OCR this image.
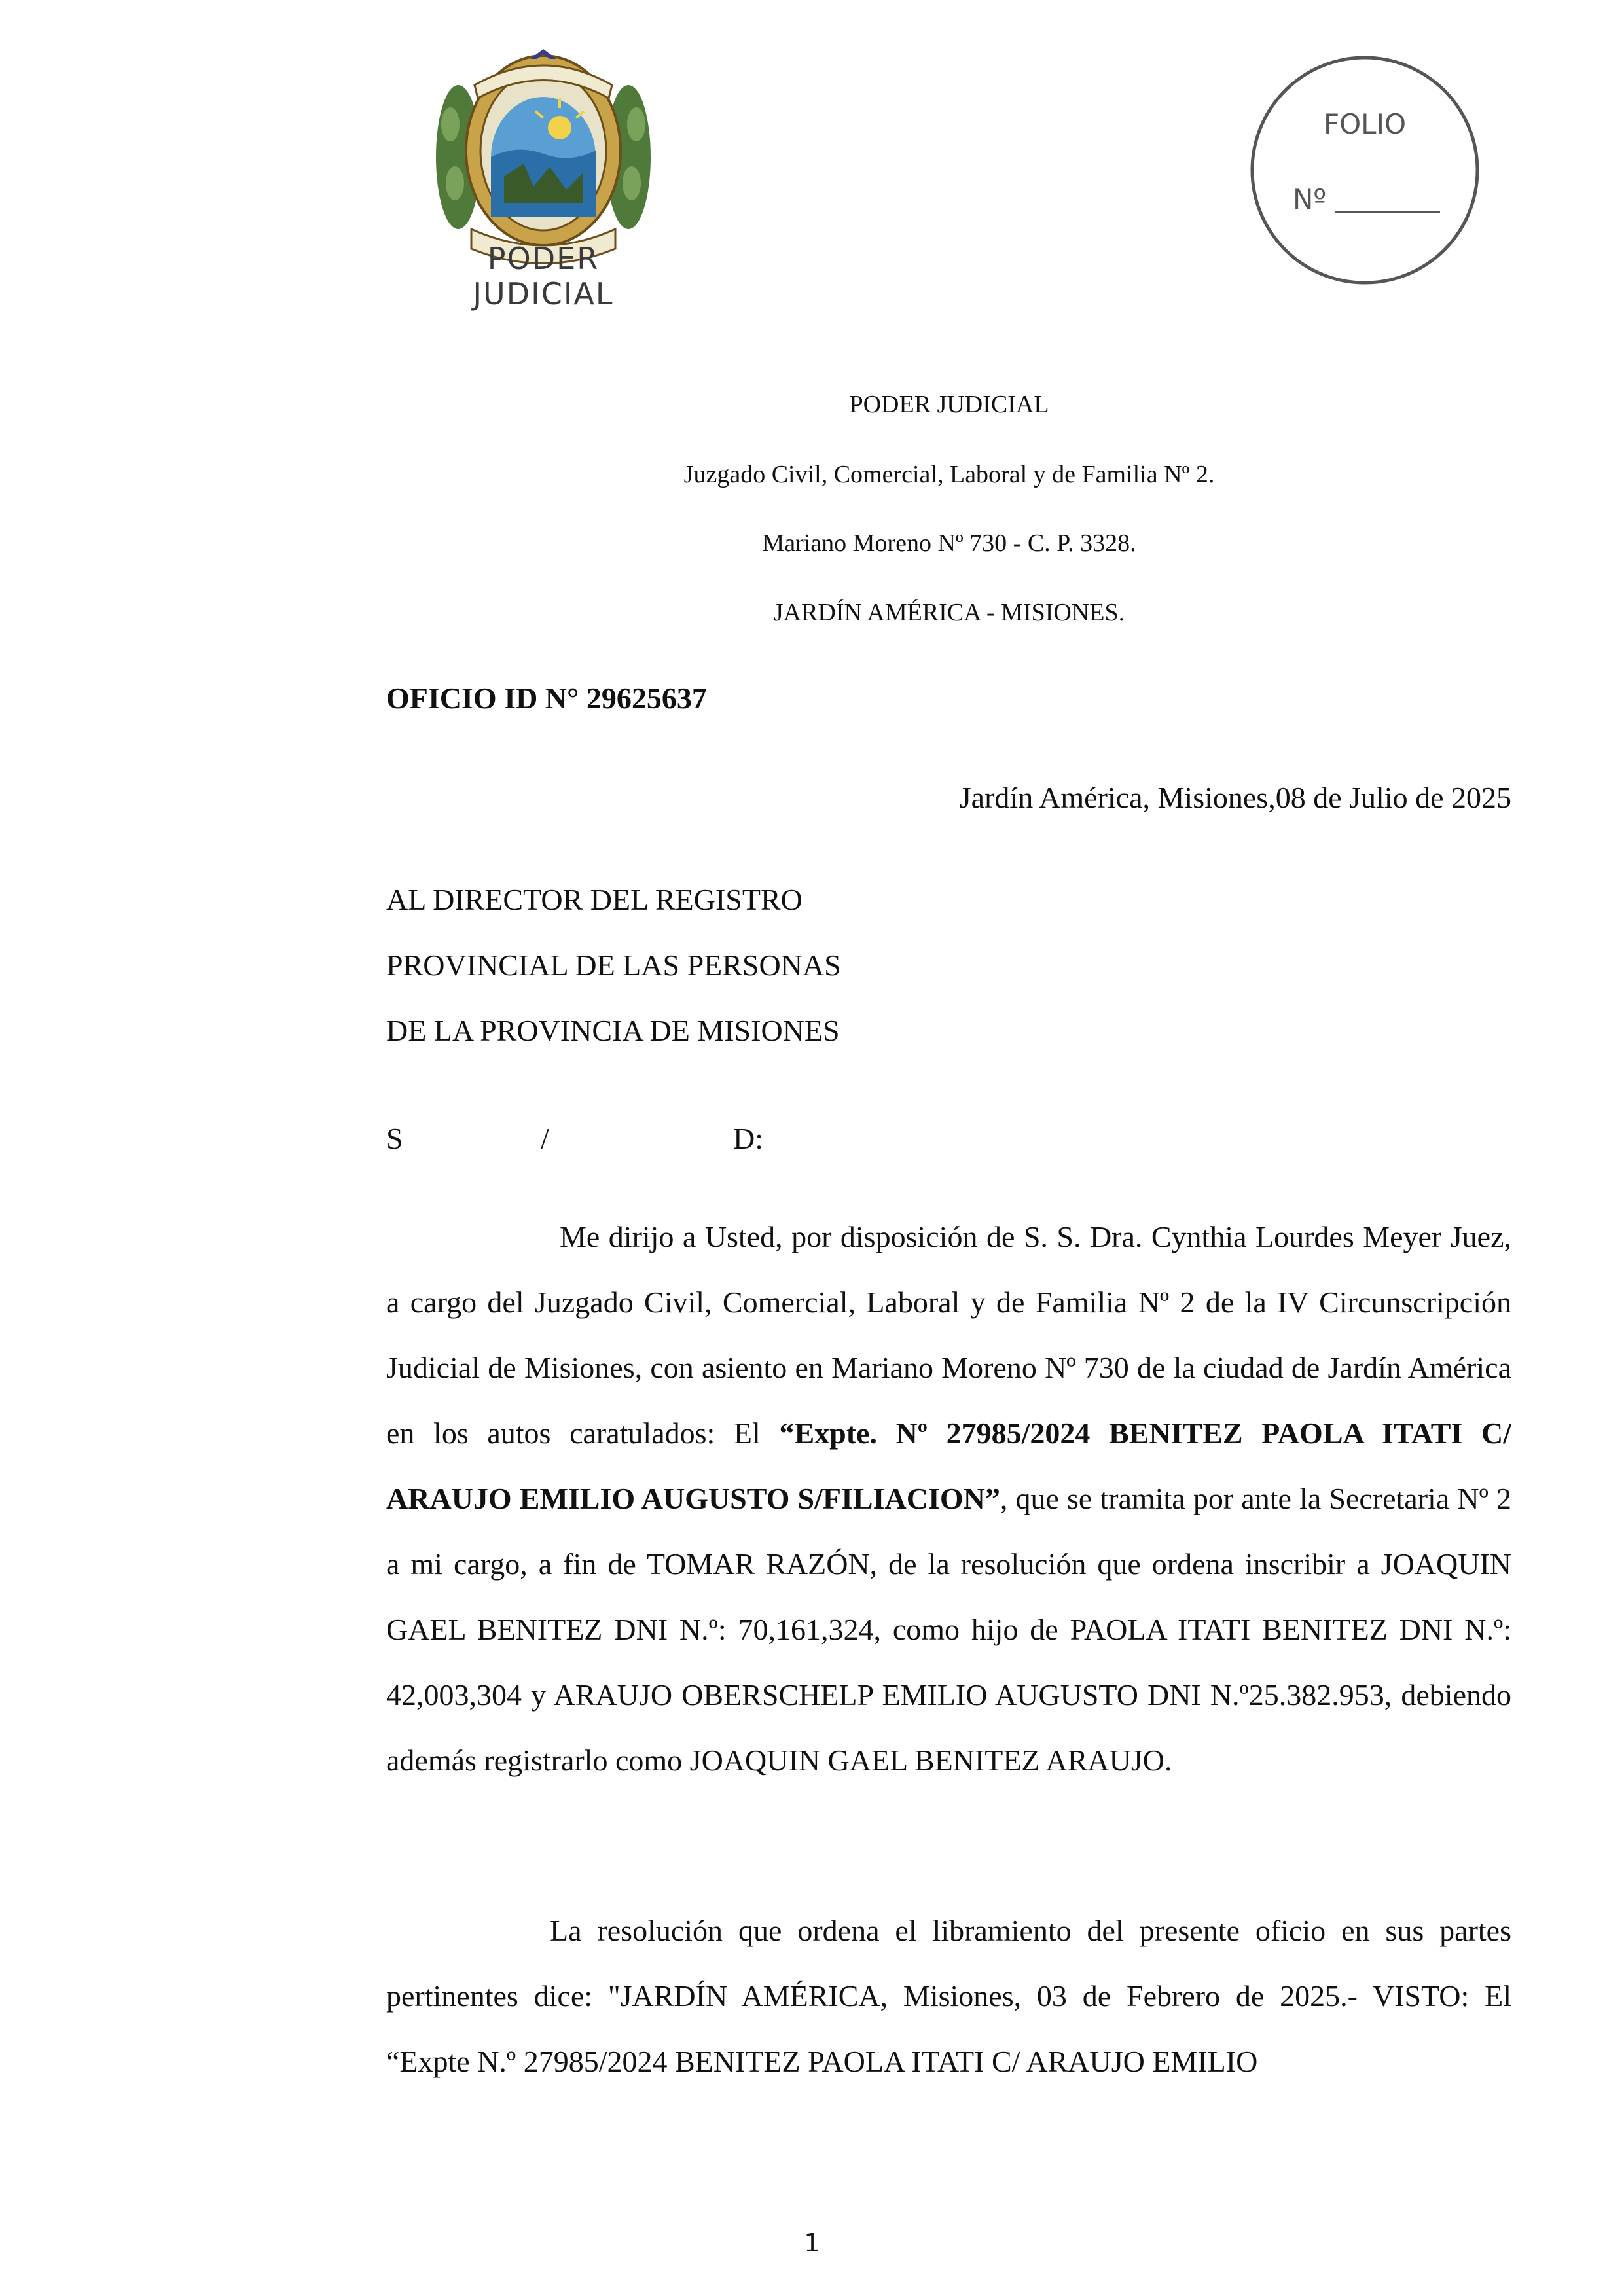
PODER JUDICIAL
FOLIO
Nº
PODER JUDICIAL
Juzgado Civil, Comercial, Laboral y de Familia Nº 2.
Mariano Moreno Nº 730 - C. P. 3328.
JARDÍN AMÉRICA - MISIONES.
OFICIO ID N° 29625637
Jardín América, Misiones,08 de Julio de 2025
AL DIRECTOR DEL REGISTRO
PROVINCIAL DE LAS PERSONAS
DE LA PROVINCIA DE MISIONES
S	/	D:

Me dirijo a Usted, por disposición de S. S. Dra. Cynthia Lourdes Meyer Juez, a cargo del Juzgado Civil, Comercial, Laboral y de Familia Nº 2 de la IV Circunscripción Judicial de Misiones, con asiento en Mariano Moreno Nº 730 de la ciudad de Jardín América en los autos caratulados: El “Expte. Nº 27985/2024 BENITEZ PAOLA ITATI C/ ARAUJO EMILIO AUGUSTO S/FILIACION”, que se tramita por ante la Secretaria Nº 2 a mi cargo, a fin de TOMAR RAZÓN, de la resolución que ordena inscribir a JOAQUIN GAEL BENITEZ DNI N.º: 70,161,324, como hijo de PAOLA ITATI BENITEZ DNI N.º: 42,003,304 y ARAUJO OBERSCHELP EMILIO AUGUSTO DNI N.º25.382.953, debiendo además registrarlo como JOAQUIN GAEL BENITEZ ARAUJO.

La resolución que ordena el libramiento del presente oficio en sus partes pertinentes dice: "JARDÍN AMÉRICA, Misiones, 03 de Febrero de 2025.- VISTO: El “Expte N.º 27985/2024 BENITEZ PAOLA ITATI C/ ARAUJO EMILIO

1
